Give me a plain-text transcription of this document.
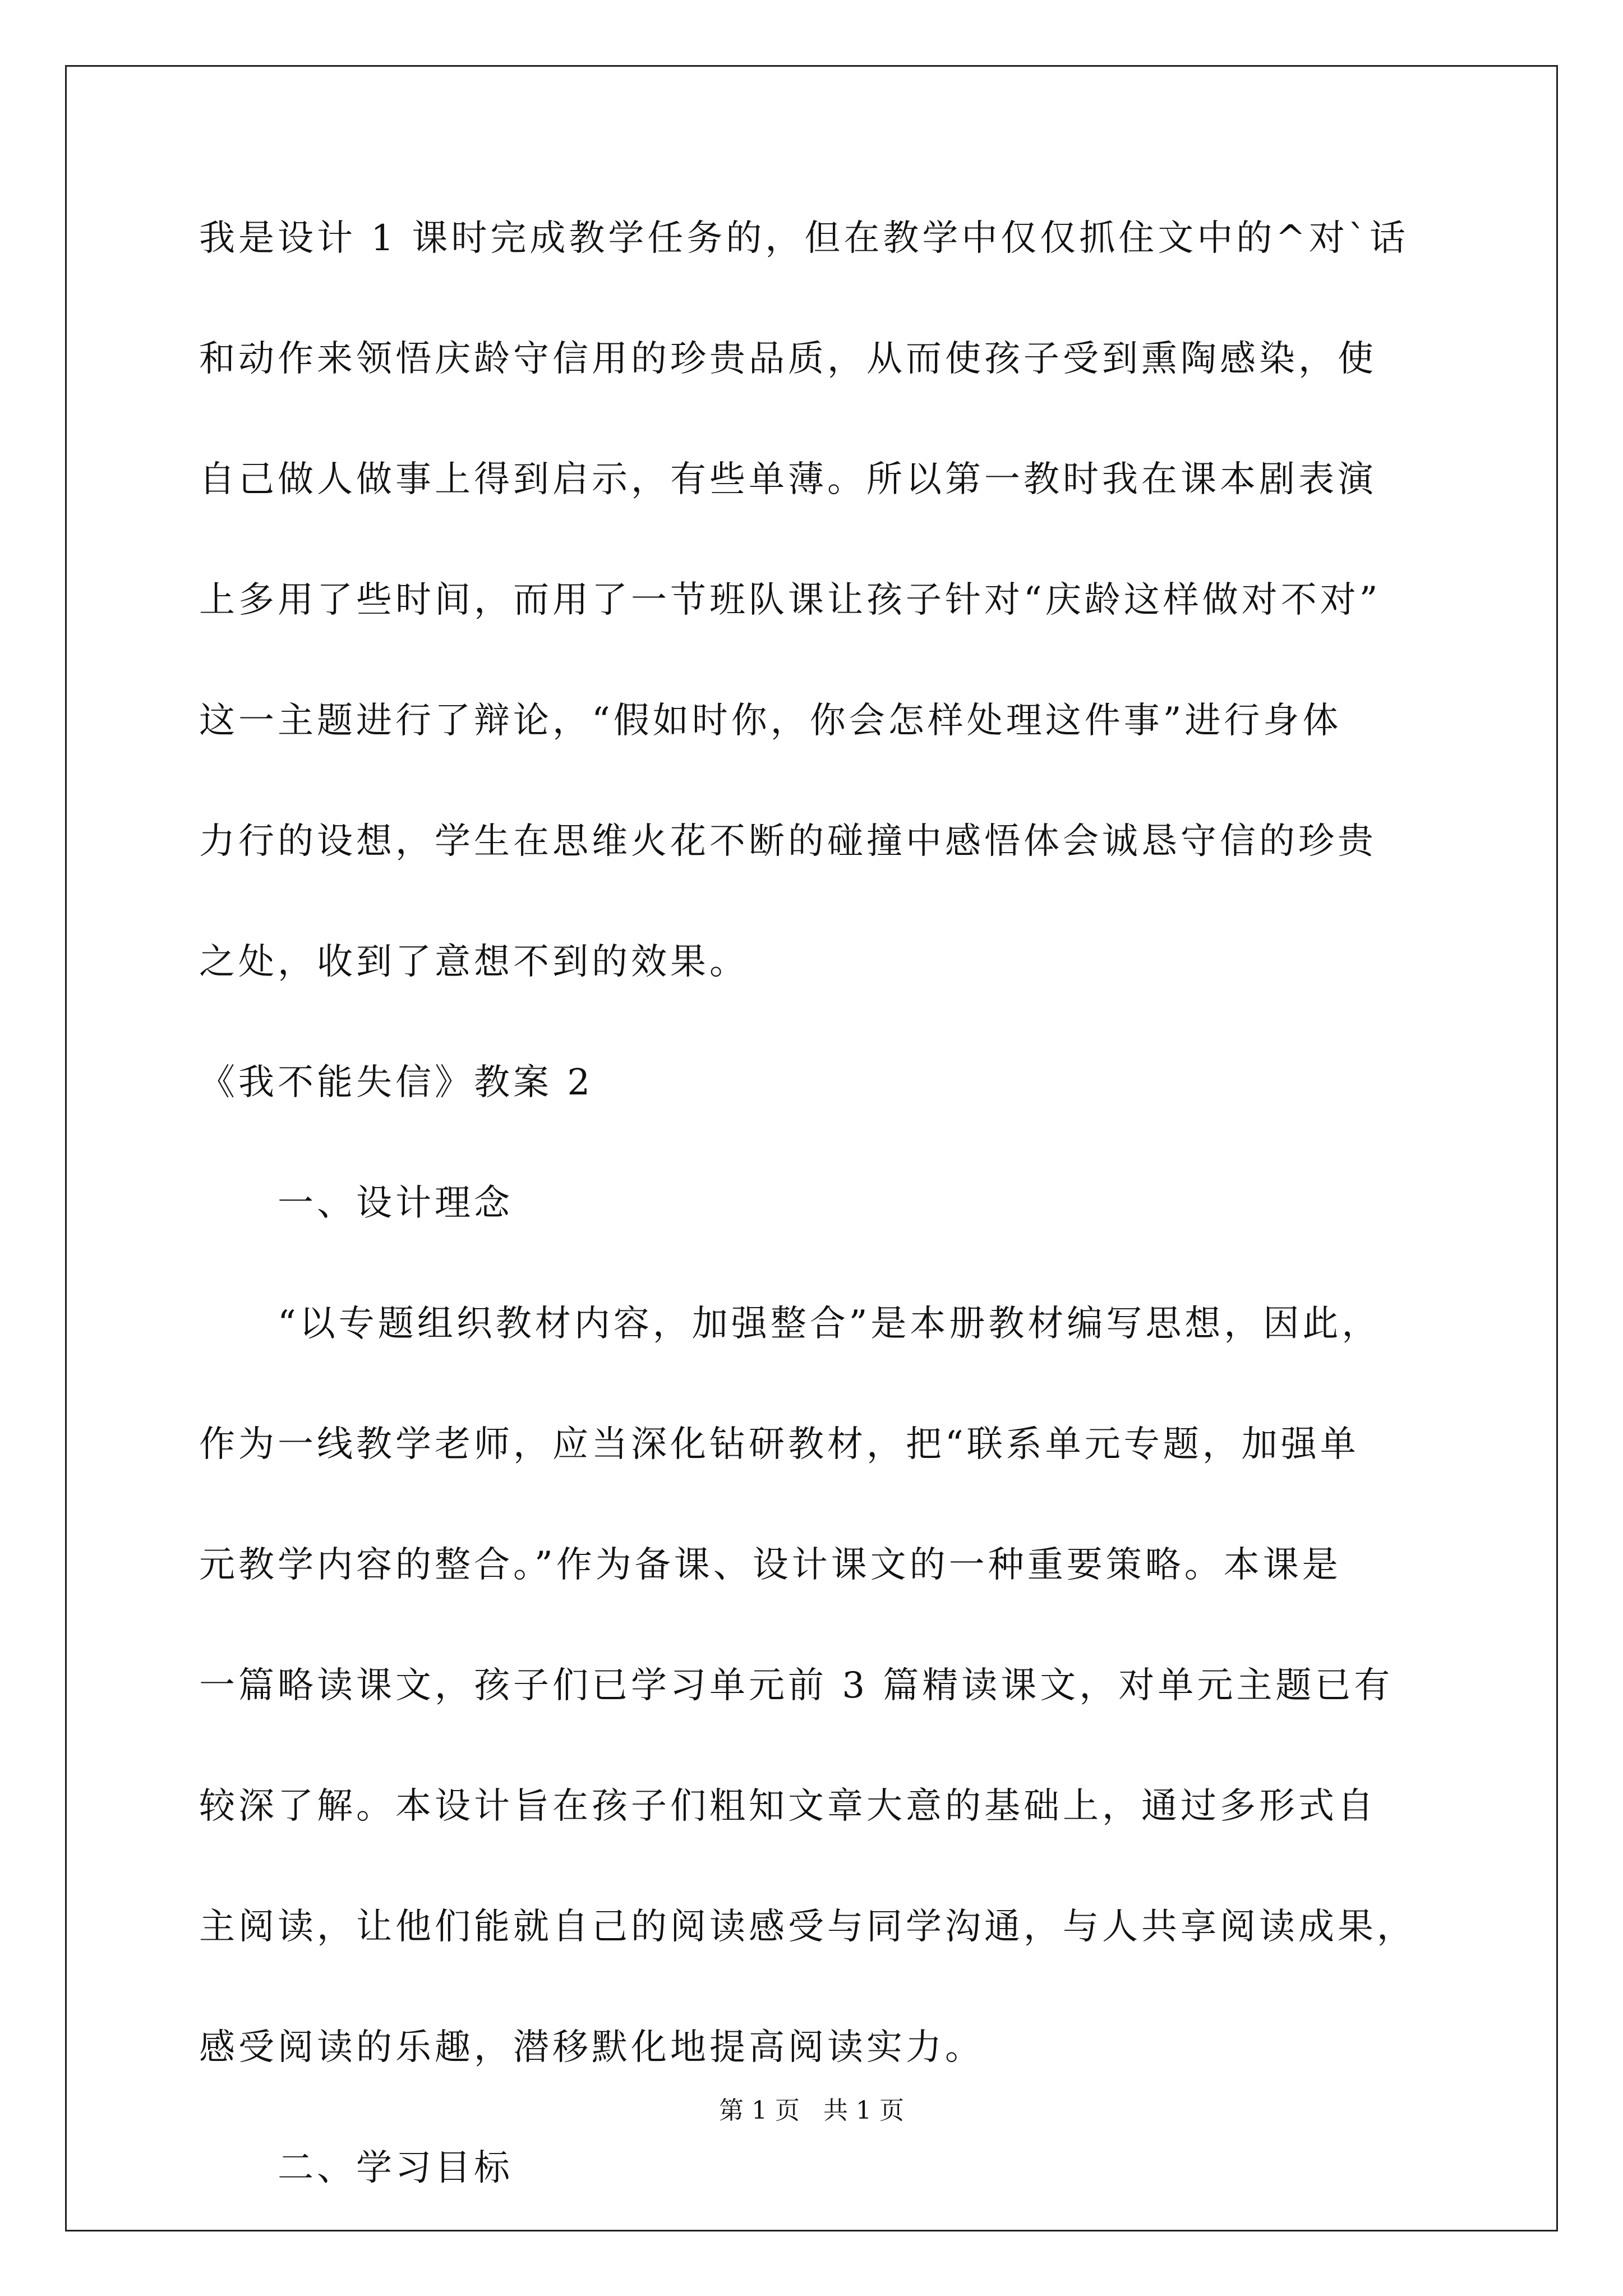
我是设计 1 课时完成教学任务的，但在教学中仅仅抓住文中的^对`话
和动作来领悟庆龄守信用的珍贵品质，从而使孩子受到熏陶感染，使
自己做人做事上得到启示，有些单薄。所以第一教时我在课本剧表演
上多用了些时间，而用了一节班队课让孩子针对“庆龄这样做对不对”
这一主题进行了辩论，“假如时你，你会怎样处理这件事”进行身体
力行的设想，学生在思维火花不断的碰撞中感悟体会诚恳守信的珍贵
之处，收到了意想不到的效果。
《我不能失信》教案 2
一、设计理念
“以专题组织教材内容，加强整合”是本册教材编写思想，因此，
作为一线教学老师，应当深化钻研教材，把“联系单元专题，加强单
元教学内容的整合。”作为备课、设计课文的一种重要策略。本课是
一篇略读课文，孩子们已学习单元前 3 篇精读课文，对单元主题已有
较深了解。本设计旨在孩子们粗知文章大意的基础上，通过多形式自
主阅读，让他们能就自己的阅读感受与同学沟通，与人共享阅读成果，
感受阅读的乐趣，潜移默化地提高阅读实力。
二、学习目标
第 1 页   共 1 页
